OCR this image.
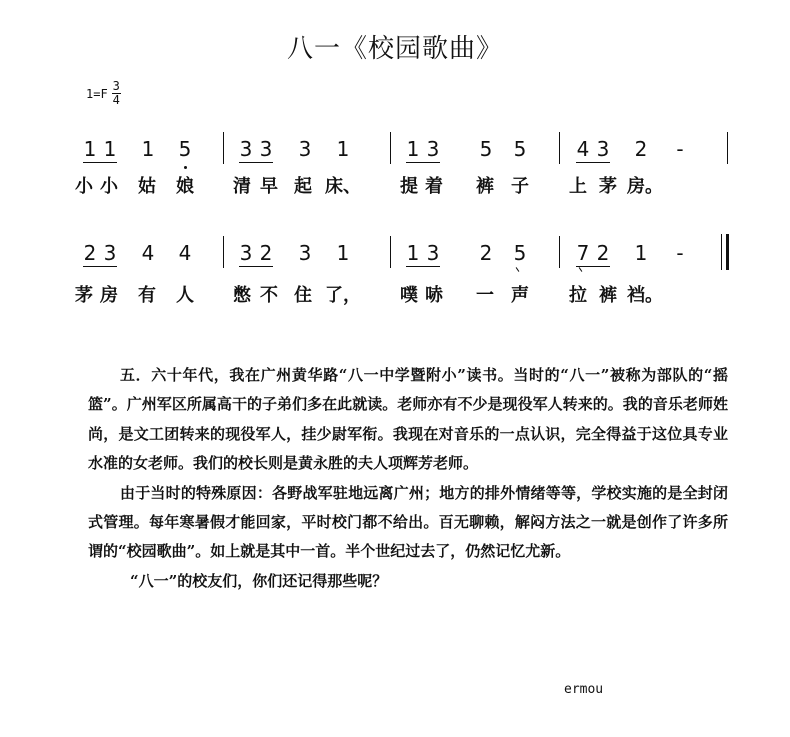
八一《校园歌曲》
$1=F \frac{3}{4}$
1 1 1 5 3 3 3 1	1 3 5 5	4 3 2 -
小 小 姑 娘 清 早 起 床、 提 着 裤 子 上 茅 房。
2 3 4 4 3 2 3 1	1 3 2 5	7 2 1 -
茅 房 有 人 憋 不 住 了， 噗 哧 一 声 拉 裤 裆。

五．六十年代，我在广州黄华路“八一中学暨附小”读书。当时的“八一”被称为部队的“摇篮”。广州军区所属高干的子弟们多在此就读。老师亦有不少是现役军人转来的。我的音乐老师姓尚，是文工团转来的现役军人，挂少尉军衔。我现在对音乐的一点认识，完全得益于这位具专业水准的女老师。我们的校长则是黄永胜的夫人项辉芳老师。

由于当时的特殊原因：各野战军驻地远离广州；地方的排外情绪等等，学校实施的是全封闭式管理。每年寒暑假才能回家，平时校门都不给出。百无聊赖，解闷方法之一就是创作了许多所谓的“校园歌曲”。如上就是其中一首。半个世纪过去了，仍然记忆尤新。

“八一”的校友们，你们还记得那些呢？

ermou
